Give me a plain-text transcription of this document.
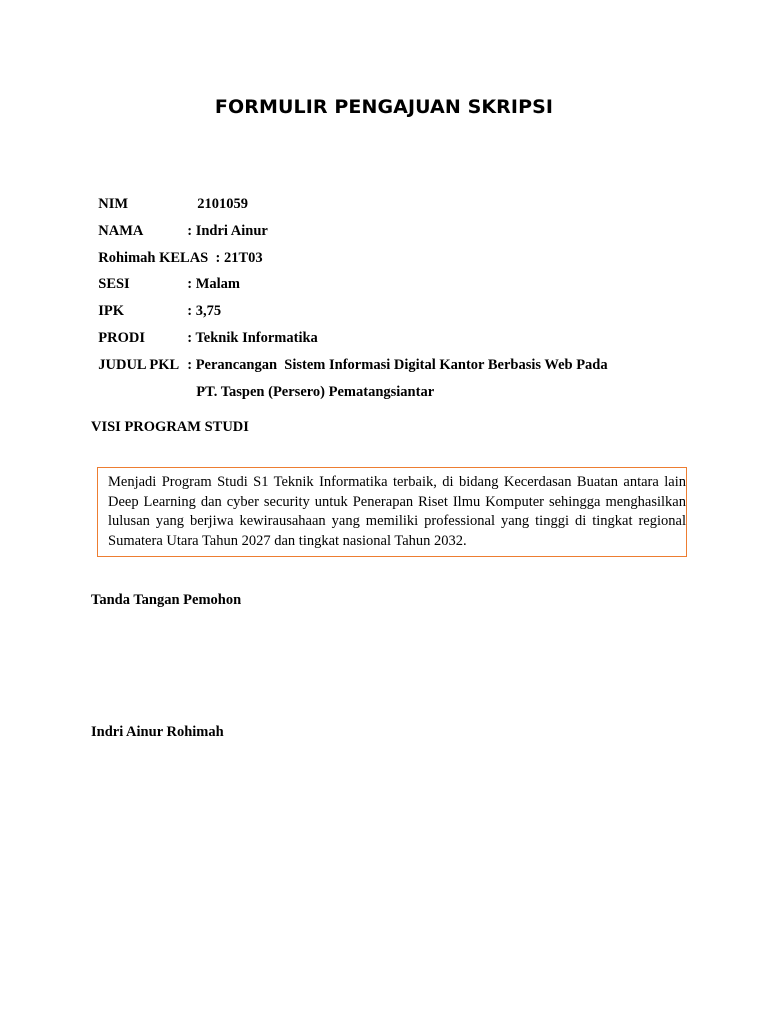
FORMULIR PENGAJUAN SKRIPSI

NIM	2101059

NAMA	: Indri Ainur

Rohimah KELAS : 21T03

SESI	: Malam

IPK	: 3,75

PRODI	: Teknik Informatika

JUDUL PKL : Perancangan  Sistem Informasi Digital Kantor Berbasis Web Pada

PT. Taspen (Persero) Pematangsiantar

VISI PROGRAM STUDI

Menjadi Program Studi S1 Teknik Informatika terbaik, di bidang Kecerdasan Buatan antara lain Deep Learning dan cyber security untuk Penerapan Riset Ilmu Komputer sehingga menghasilkan lulusan yang berjiwa kewirausahaan yang memiliki professional yang tinggi di tingkat regional Sumatera Utara Tahun 2027 dan tingkat nasional Tahun 2032.

Tanda Tangan Pemohon
Indri Ainur Rohimah
